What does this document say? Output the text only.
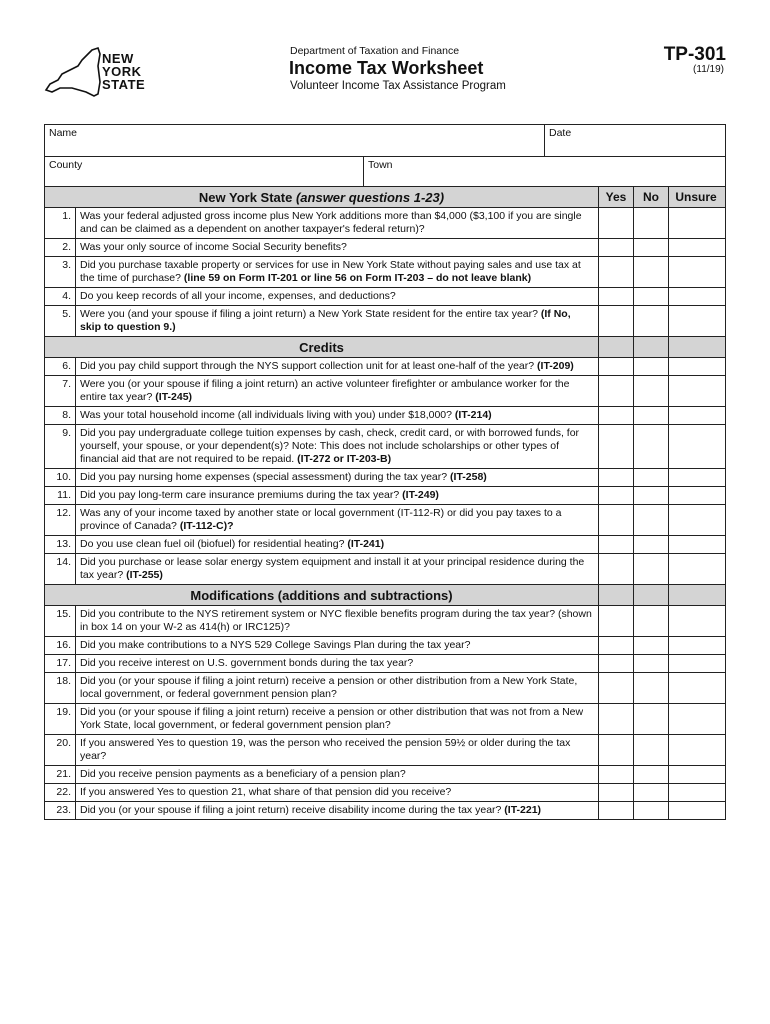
NEW
YORK
STATE
Department of Taxation and Finance
Income Tax Worksheet
Volunteer Income Tax Assistance Program
TP-301
(11/19)
Name	Date
County	Town
New York State (answer questions 1-23)	Yes	No	Unsure
1. Was your federal adjusted gross income plus New York additions more than $4,000 ($3,100 if you are single and can be claimed as a dependent on another taxpayer's federal return)?
2. Was your only source of income Social Security benefits?
3. Did you purchase taxable property or services for use in New York State without paying sales and use tax at the time of purchase? (line 59 on Form IT-201 or line 56 on Form IT-203 – do not leave blank)
4. Do you keep records of all your income, expenses, and deductions?
5. Were you (and your spouse if filing a joint return) a New York State resident for the entire tax year? (If No, skip to question 9.)
Credits
6. Did you pay child support through the NYS support collection unit for at least one-half of the year? (IT-209)
7. Were you (or your spouse if filing a joint return) an active volunteer firefighter or ambulance worker for the entire tax year? (IT-245)
8. Was your total household income (all individuals living with you) under $18,000? (IT-214)
9. Did you pay undergraduate college tuition expenses by cash, check, credit card, or with borrowed funds, for yourself, your spouse, or your dependent(s)? Note: This does not include scholarships or other types of financial aid that are not required to be repaid. (IT-272 or IT-203-B)
10. Did you pay nursing home expenses (special assessment) during the tax year? (IT-258)
11. Did you pay long-term care insurance premiums during the tax year? (IT-249)
12. Was any of your income taxed by another state or local government (IT-112-R) or did you pay taxes to a province of Canada? (IT-112-C)?
13. Do you use clean fuel oil (biofuel) for residential heating? (IT-241)
14. Did you purchase or lease solar energy system equipment and install it at your principal residence during the tax year? (IT-255)
Modifications (additions and subtractions)
15. Did you contribute to the NYS retirement system or NYC flexible benefits program during the tax year? (shown in box 14 on your W-2 as 414(h) or IRC125)?
16. Did you make contributions to a NYS 529 College Savings Plan during the tax year?
17. Did you receive interest on U.S. government bonds during the tax year?
18. Did you (or your spouse if filing a joint return) receive a pension or other distribution from a New York State, local government, or federal government pension plan?
19. Did you (or your spouse if filing a joint return) receive a pension or other distribution that was not from a New York State, local government, or federal government pension plan?
20. If you answered Yes to question 19, was the person who received the pension 59½ or older during the tax year?
21. Did you receive pension payments as a beneficiary of a pension plan?
22. If you answered Yes to question 21, what share of that pension did you receive?
23. Did you (or your spouse if filing a joint return) receive disability income during the tax year? (IT-221)
